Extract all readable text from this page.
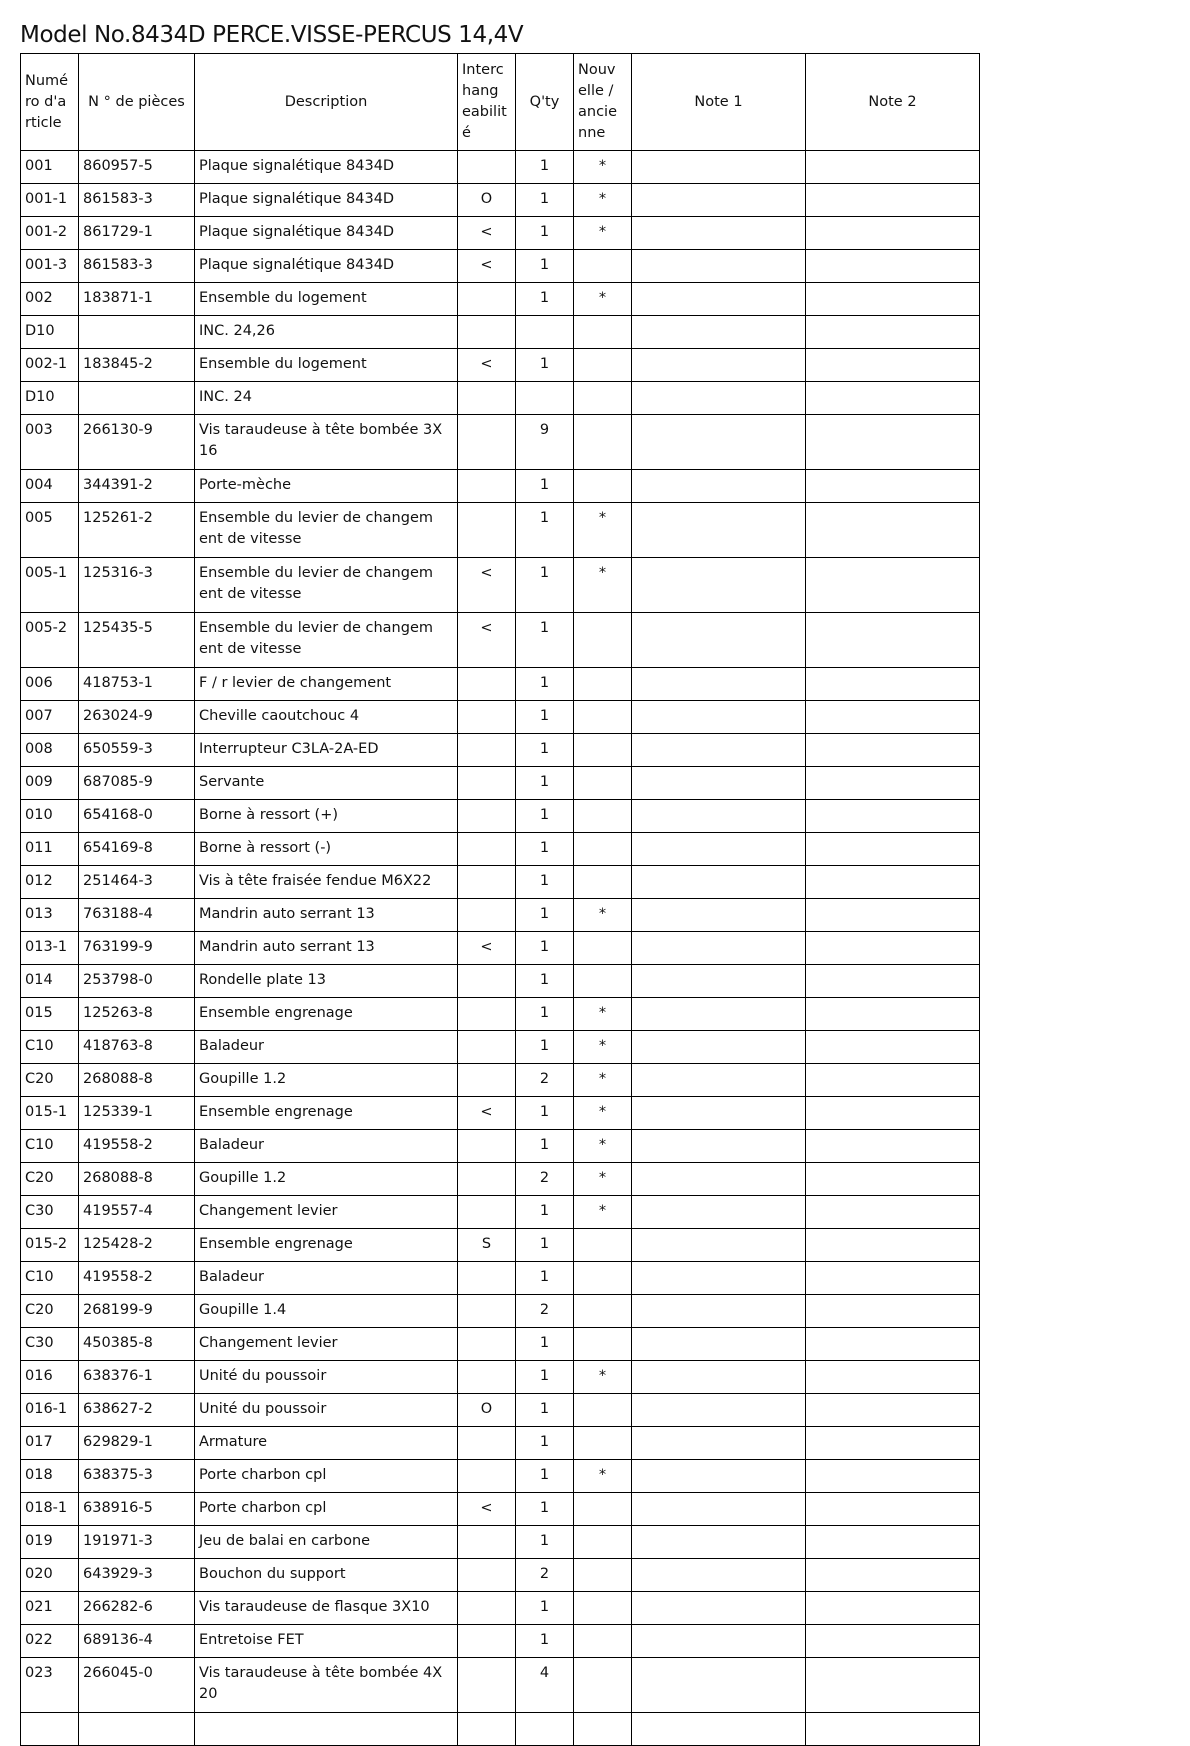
Model No.8434D PERCE.VISSE-PERCUS 14,4V
Numé ro d'a rticle	N ° de pièces	Description	Interc hang eabilit é	Q'ty	Nouv elle / ancie nne	Note 1	Note 2
001	860957-5	Plaque signalétique 8434D		1	*		
001-1	861583-3	Plaque signalétique 8434D	O	1	*		
001-2	861729-1	Plaque signalétique 8434D	<	1	*		
001-3	861583-3	Plaque signalétique 8434D	<	1			
002	183871-1	Ensemble du logement		1	*		
D10		INC. 24,26					
002-1	183845-2	Ensemble du logement	<	1			
D10		INC. 24					
003	266130-9	Vis taraudeuse à tête bombée 3X 16		9			
004	344391-2	Porte-mèche		1			
005	125261-2	Ensemble du levier de changem ent de vitesse		1	*		
005-1	125316-3	Ensemble du levier de changem ent de vitesse	<	1	*		
005-2	125435-5	Ensemble du levier de changem ent de vitesse	<	1			
006	418753-1	F / r levier de changement		1			
007	263024-9	Cheville caoutchouc 4		1			
008	650559-3	Interrupteur C3LA-2A-ED		1			
009	687085-9	Servante		1			
010	654168-0	Borne à ressort (+)		1			
011	654169-8	Borne à ressort (-)		1			
012	251464-3	Vis à tête fraisée fendue M6X22		1			
013	763188-4	Mandrin auto serrant 13		1	*		
013-1	763199-9	Mandrin auto serrant 13	<	1			
014	253798-0	Rondelle plate 13		1			
015	125263-8	Ensemble engrenage		1	*		
C10	418763-8	Baladeur		1	*		
C20	268088-8	Goupille 1.2		2	*		
015-1	125339-1	Ensemble engrenage	<	1	*		
C10	419558-2	Baladeur		1	*		
C20	268088-8	Goupille 1.2		2	*		
C30	419557-4	Changement levier		1	*		
015-2	125428-2	Ensemble engrenage	S	1			
C10	419558-2	Baladeur		1			
C20	268199-9	Goupille 1.4		2			
C30	450385-8	Changement levier		1			
016	638376-1	Unité du poussoir		1	*		
016-1	638627-2	Unité du poussoir	O	1			
017	629829-1	Armature		1			
018	638375-3	Porte charbon cpl		1	*		
018-1	638916-5	Porte charbon cpl	<	1			
019	191971-3	Jeu de balai en carbone		1			
020	643929-3	Bouchon du support		2			
021	266282-6	Vis taraudeuse de flasque 3X10		1			
022	689136-4	Entretoise FET		1			
023	266045-0	Vis taraudeuse à tête bombée 4X 20		4			
